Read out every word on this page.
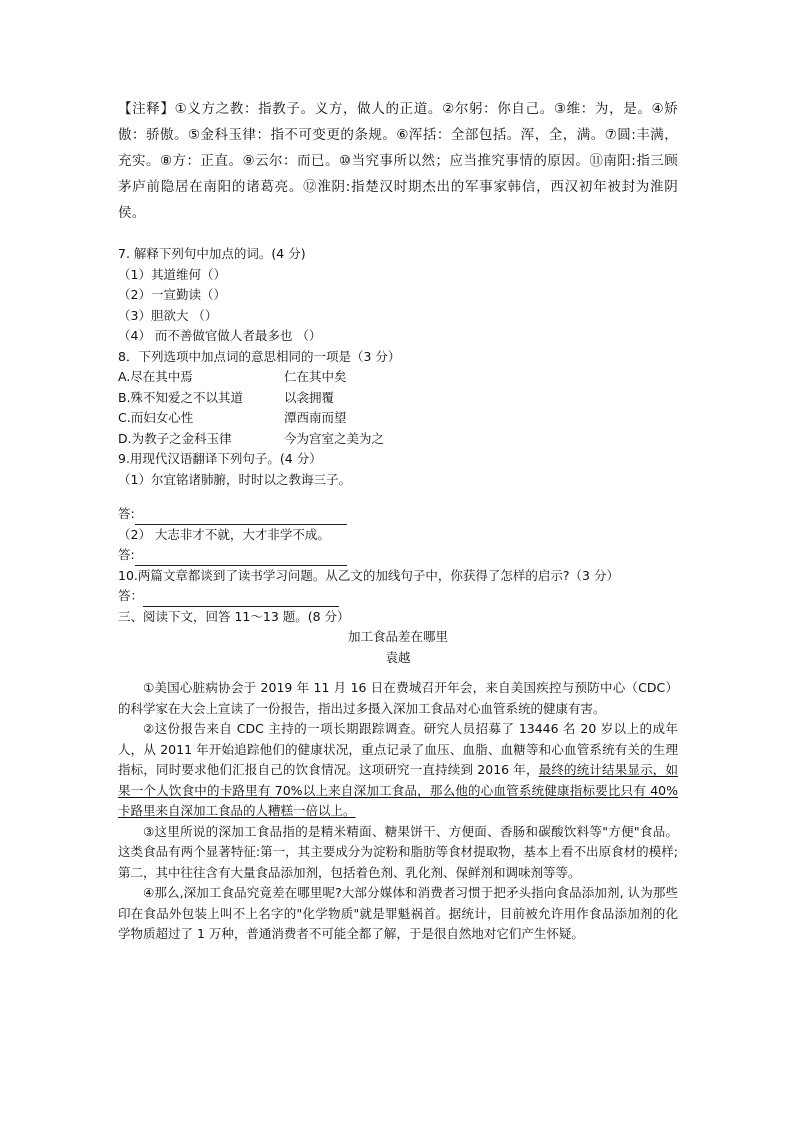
【注释】①义方之教：指教子。义方，做人的正道。②尔躬：你自己。③维：为，是。④矫傲：骄傲。⑤金科玉律：指不可变更的条规。⑥浑括：全部包括。浑，全，满。⑦圆:丰满，充实。⑧方：正直。⑨云尔：而已。⑩当究事所以然；应当推究事情的原因。⑪南阳:指三顾茅庐前隐居在南阳的诸葛亮。⑫淮阴:指楚汉时期杰出的军事家韩信，西汉初年被封为淮阴侯。

7. 解释下列句中加点的词。(4 分)

（1）其道维何（）

（2）一宣勤读（）

（3）胆欲大 （）

（4） 而不善做官做人者最多也 （）

8．下列选项中加点词的意思相同的一项是（3 分）

A.尽在其中焉	仁在其中矣
B.殊不知爱之不以其道	以衾拥覆
C.而妇女心性	潭西南而望
D.为教子之金科玉律	今为宫室之美为之

9.用现代汉语翻译下列句子。(4 分）

（1）尔宜铭诸肺腑，时时以之教诲三子。

答:

（2） 大志非才不就，大才非学不成。

答:

10.两篇文章都谈到了读书学习问题。从乙文的加线句子中，你获得了怎样的启示?（3 分）

答：

三、阅读下文，回答 11～13 题。(8 分）

加工食品差在哪里

袁越

①美国心脏病协会于 2019 年 11 月 16 日在费城召开年会，来自美国疾控与预防中心（CDC）的科学家在大会上宣读了一份报告，指出过多摄入深加工食品对心血管系统的健康有害。

②这份报告来自 CDC 主持的一项长期跟踪调查。研究人员招募了 13446 名 20 岁以上的成年人，从 2011 年开始追踪他们的健康状况，重点记录了血压、血脂、血糖等和心血管系统有关的生理指标，同时要求他们汇报自己的饮食情况。这项研究一直持续到 2016 年，最终的统计结果显示，如果一个人饮食中的卡路里有 70%以上来自深加工食品，那么他的心血管系统健康指标要比只有 40%卡路里来自深加工食品的人糟糕一倍以上。

③这里所说的深加工食品指的是精米精面、糖果饼干、方便面、香肠和碳酸饮料等"方便"食品。这类食品有两个显著特征:第一，其主要成分为淀粉和脂肪等食材提取物，基本上看不出原食材的模样; 第二，其中往往含有大量食品添加剂，包括着色剂、乳化剂、保鲜剂和调味剂等等。

④那么,深加工食品究竟差在哪里呢?大部分媒体和消费者习惯于把矛头指向食品添加剂, 认为那些印在食品外包装上叫不上名字的"化学物质"就是罪魁祸首。据统计，目前被允许用作食品添加剂的化学物质超过了 1 万种，普通消费者不可能全都了解，于是很自然地对它们产生怀疑。
